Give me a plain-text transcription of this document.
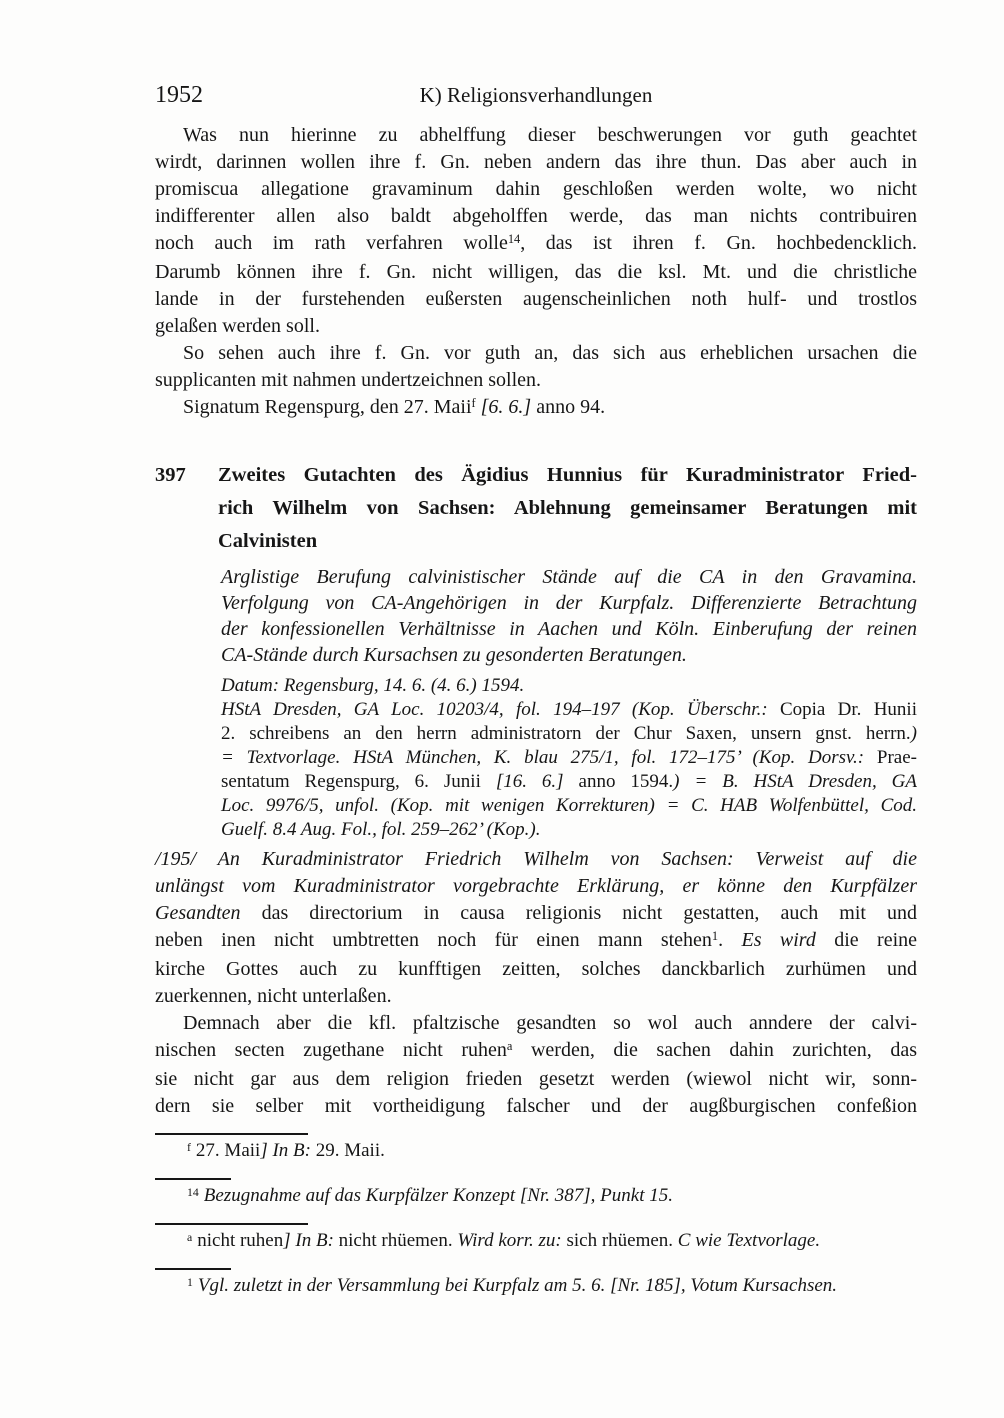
1952	K) Religionsverhandlungen
Was nun hierinne zu abhelffung dieser beschwerungen vor guth geachtet
wirdt, darinnen wollen ihre f. Gn. neben andern das ihre thun. Das aber auch in
promiscua allegatione gravaminum dahin geschloßen werden wolte, wo nicht
indifferenter allen also baldt abgeholffen werde, das man nichts contribuiren
noch auch im rath verfahren wolle$^{14}$, das ist ihren f. Gn. hochbedencklich.
Darumb können ihre f. Gn. nicht willigen, das die ksl. Mt. und die christliche
lande in der furstehenden eußersten augenscheinlichen noth hulf- und trostlos
gelaßen werden soll.
So sehen auch ihre f. Gn. vor guth an, das sich aus erheblichen ursachen die
supplicanten mit nahmen undertzeichnen sollen.
Signatum Regenspurg, den 27. Maii$^f$ [6. 6.] anno 94.
397 Zweites Gutachten des Ägidius Hunnius für Kuradministrator Fried-
rich Wilhelm von Sachsen: Ablehnung gemeinsamer Beratungen mit
Calvinisten
Arglistige Berufung calvinistischer Stände auf die CA in den Gravamina.
Verfolgung von CA-Angehörigen in der Kurpfalz. Differenzierte Betrachtung
der konfessionellen Verhältnisse in Aachen und Köln. Einberufung der reinen
CA-Stände durch Kursachsen zu gesonderten Beratungen.
Datum: Regensburg, 14. 6. (4. 6.) 1594.
HStA Dresden, GA Loc. 10203/4, fol. 194–197 (Kop. Überschr.: Copia Dr. Hunii
2. schreibens an den herrn administratorn der Chur Saxen, unsern gnst. herrn.)
= Textvorlage. HStA München, K. blau 275/1, fol. 172–175’ (Kop. Dorsv.: Prae-
sentatum Regenspurg, 6. Junii [16. 6.] anno 1594.) = B. HStA Dresden, GA
Loc. 9976/5, unfol. (Kop. mit wenigen Korrekturen) = C. HAB Wolfenbüttel, Cod.
Guelf. 8.4 Aug. Fol., fol. 259–262’ (Kop.).
/195/ An Kuradministrator Friedrich Wilhelm von Sachsen: Verweist auf die
unlängst vom Kuradministrator vorgebrachte Erklärung, er könne den Kurpfälzer
Gesandten das directorium in causa religionis nicht gestatten, auch mit und
neben inen nicht umbtretten noch für einen mann stehen$^1$. Es wird die reine
kirche Gottes auch zu kunfftigen zeitten, solches danckbarlich zurhümen und
zuerkennen, nicht unterlaßen.
Demnach aber die kfl. pfaltzische gesandten so wol auch anndere der calvi-
nischen secten zugethane nicht ruhen$^a$ werden, die sachen dahin zurichten, das
sie nicht gar aus dem religion frieden gesetzt werden (wiewol nicht wir, sonn-
dern sie selber mit vortheidigung falscher und der augßburgischen confeßion
$^f$ 27. Maii] In B: 29. Maii.
$^{14}$ Bezugnahme auf das Kurpfälzer Konzept [Nr. 387], Punkt 15.
$^a$ nicht ruhen] In B: nicht rhüemen. Wird korr. zu: sich rhüemen. C wie Textvorlage.
$^1$ Vgl. zuletzt in der Versammlung bei Kurpfalz am 5. 6. [Nr. 185], Votum Kursachsen.
